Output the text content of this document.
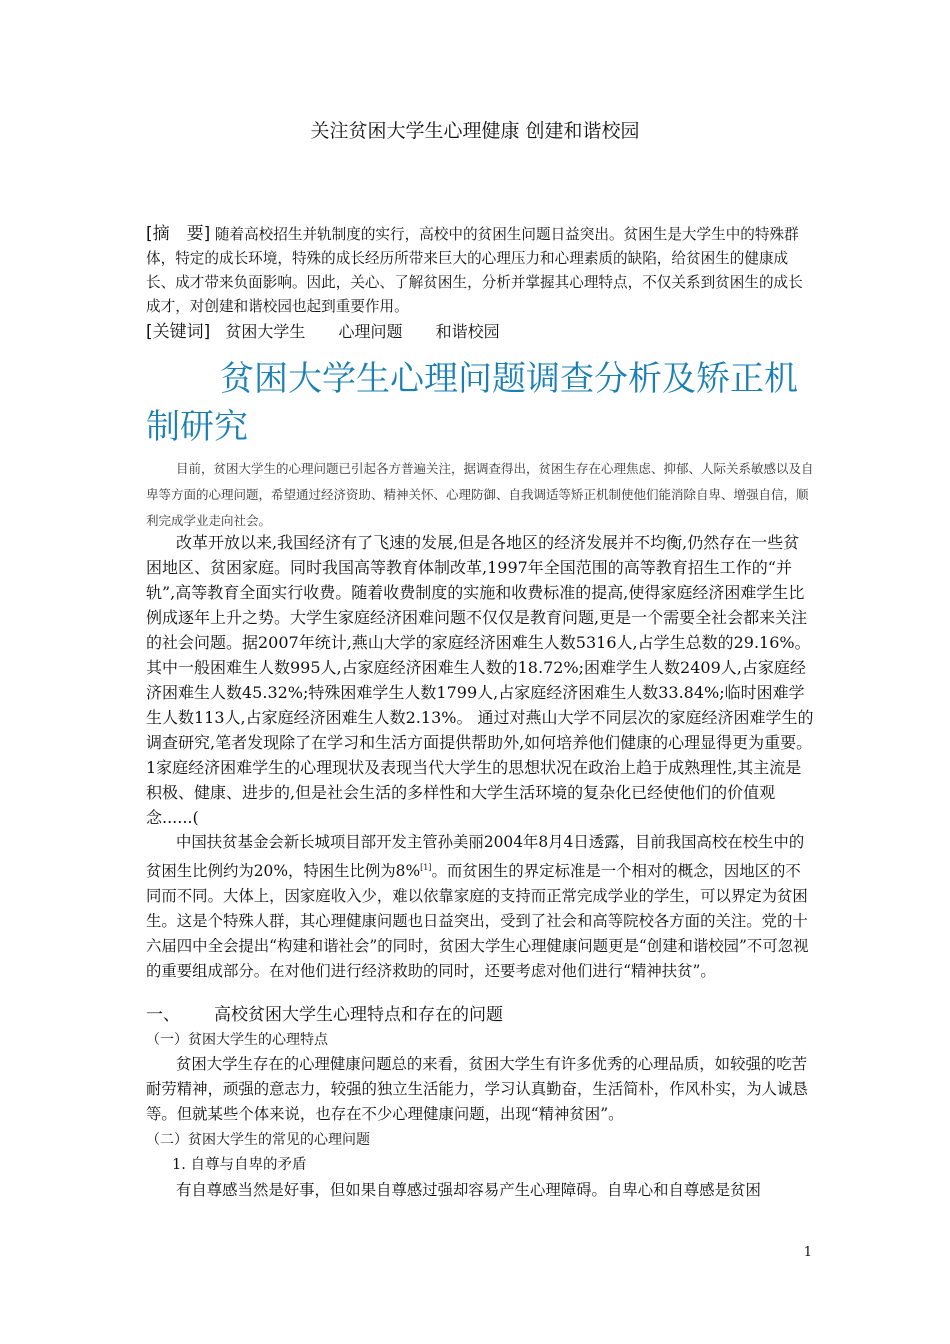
关注贫困大学生心理健康 创建和谐校园

[摘　要] 随着高校招生并轨制度的实行，高校中的贫困生问题日益突出。贫困生是大学生中的特殊群体，特定的成长环境，特殊的成长经历所带来巨大的心理压力和心理素质的缺陷，给贫困生的健康成长、成才带来负面影响。因此，关心、了解贫困生，分析并掌握其心理特点，不仅关系到贫困生的成长成才，对创建和谐校园也起到重要作用。

[关键词] 贫困大学生 心理问题 和谐校园

贫困大学生心理问题调查分析及矫正机制研究

目前，贫困大学生的心理问题已引起各方普遍关注，据调查得出，贫困生存在心理焦虑、抑郁、人际关系敏感以及自卑等方面的心理问题，希望通过经济资助、精神关怀、心理防御、自我调适等矫正机制使他们能消除自卑、增强自信，顺利完成学业走向社会。

改革开放以来,我国经济有了飞速的发展,但是各地区的经济发展并不均衡,仍然存在一些贫困地区、贫困家庭。同时我国高等教育体制改革,1997年全国范围的高等教育招生工作的“并轨”,高等教育全面实行收费。随着收费制度的实施和收费标准的提高,使得家庭经济困难学生比例成逐年上升之势。大学生家庭经济困难问题不仅仅是教育问题,更是一个需要全社会都来关注的社会问题。据2007年统计,燕山大学的家庭经济困难生人数5316人,占学生总数的29.16%。其中一般困难生人数995人,占家庭经济困难生人数的18.72%;困难学生人数2409人,占家庭经济困难生人数45.32%;特殊困难学生人数1799人,占家庭经济困难生人数33.84%;临时困难学生人数113人,占家庭经济困难生人数2.13%。 通过对燕山大学不同层次的家庭经济困难学生的调查研究,笔者发现除了在学习和生活方面提供帮助外,如何培养他们健康的心理显得更为重要。1家庭经济困难学生的心理现状及表现当代大学生的思想状况在政治上趋于成熟理性,其主流是积极、健康、进步的,但是社会生活的多样性和大学生活环境的复杂化已经使他们的价值观念......(

中国扶贫基金会新长城项目部开发主管孙美丽2004年8月4日透露，目前我国高校在校生中的贫困生比例约为20%，特困生比例为8%[1]。而贫困生的界定标准是一个相对的概念，因地区的不同而不同。大体上，因家庭收入少，难以依靠家庭的支持而正常完成学业的学生，可以界定为贫困生。这是个特殊人群，其心理健康问题也日益突出，受到了社会和高等院校各方面的关注。党的十六届四中全会提出“构建和谐社会”的同时，贫困大学生心理健康问题更是“创建和谐校园”不可忽视的重要组成部分。在对他们进行经济救助的同时，还要考虑对他们进行“精神扶贫”。

一、 高校贫困大学生心理特点和存在的问题
（一）贫困大学生的心理特点

贫困大学生存在的心理健康问题总的来看，贫困大学生有许多优秀的心理品质，如较强的吃苦耐劳精神，顽强的意志力，较强的独立生活能力，学习认真勤奋，生活简朴，作风朴实，为人诚恳等。但就某些个体来说，也存在不少心理健康问题，出现“精神贫困”。

（二）贫困大学生的常见的心理问题
1. 自尊与自卑的矛盾

有自尊感当然是好事，但如果自尊感过强却容易产生心理障碍。自卑心和自尊感是贫困

1
